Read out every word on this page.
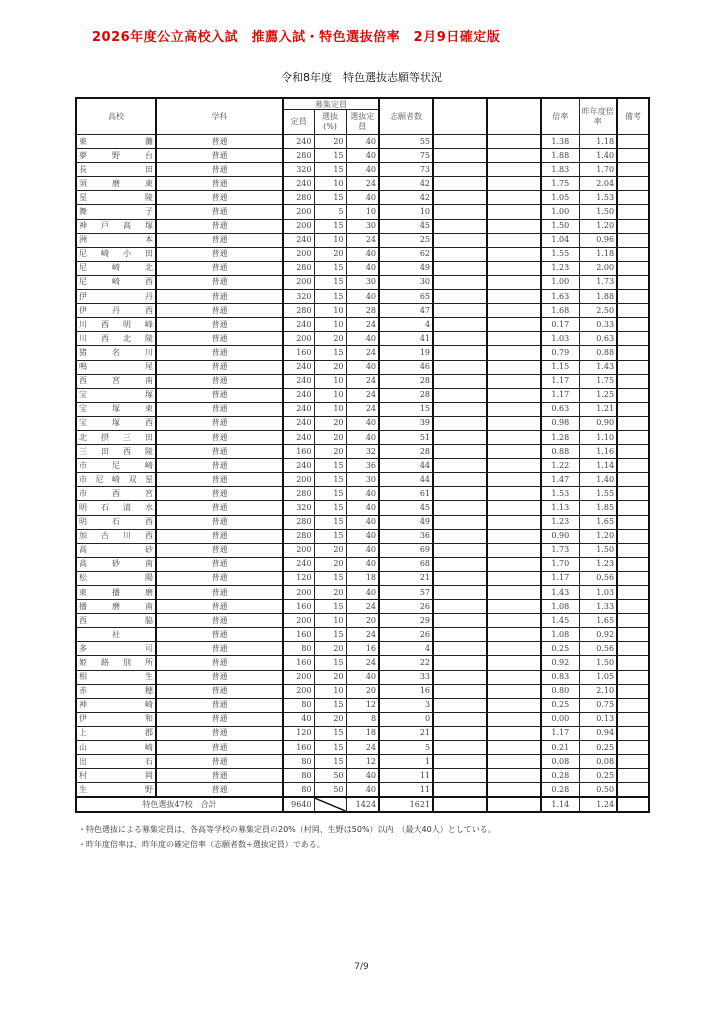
2026年度公立高校入試　推薦入試・特色選抜倍率　2月9日確定版
令和8年度　特色選抜志願等状況
高校	学科	募集定員			志願者数			倍率	昨年度倍率	備考
		定員	選抜(%)	選抜定員						
東灘	普通	240	20	40	55			1.38	1.18	
夢野台	普通	280	15	40	75			1.88	1.40	
長田	普通	320	15	40	73			1.83	1.70	
須磨東	普通	240	10	24	42			1.75	2.04	
星陵	普通	280	15	40	42			1.05	1.53	
舞子	普通	200	5	10	10			1.00	1.50	
神戸高塚	普通	200	15	30	45			1.50	1.20	
洲本	普通	240	10	24	25			1.04	0.96	
尼崎小田	普通	200	20	40	62			1.55	1.18	
尼崎北	普通	280	15	40	49			1.23	2.00	
尼崎西	普通	200	15	30	30			1.00	1.73	
伊丹	普通	320	15	40	65			1.63	1.88	
伊丹西	普通	280	10	28	47			1.68	2.50	
川西明峰	普通	240	10	24	4			0.17	0.33	
川西北陵	普通	200	20	40	41			1.03	0.63	
猪名川	普通	160	15	24	19			0.79	0.88	
鳴尾	普通	240	20	40	46			1.15	1.43	
西宮南	普通	240	10	24	28			1.17	1.75	
宝塚	普通	240	10	24	28			1.17	1.25	
宝塚東	普通	240	10	24	15			0.63	1.21	
宝塚西	普通	240	20	40	39			0.98	0.90	
北摂三田	普通	240	20	40	51			1.28	1.10	
三田西陵	普通	160	20	32	28			0.88	1.16	
市尼崎	普通	240	15	36	44			1.22	1.14	
市尼崎双星	普通	200	15	30	44			1.47	1.40	
市西宮	普通	280	15	40	61			1.53	1.55	
明石清水	普通	320	15	40	45			1.13	1.85	
明石西	普通	280	15	40	49			1.23	1.65	
加古川西	普通	280	15	40	36			0.90	1.20	
高砂	普通	200	20	40	69			1.73	1.50	
高砂南	普通	240	20	40	68			1.70	1.23	
松陽	普通	120	15	18	21			1.17	0.56	
東播磨	普通	200	20	40	57			1.43	1.03	
播磨南	普通	160	15	24	26			1.08	1.33	
西脇	普通	200	10	20	29			1.45	1.65	
社	普通	160	15	24	26			1.08	0.92	
多可	普通	80	20	16	4			0.25	0.56	
姫路別所	普通	160	15	24	22			0.92	1.50	
相生	普通	200	20	40	33			0.83	1.05	
赤穂	普通	200	10	20	16			0.80	2.10	
神崎	普通	80	15	12	3			0.25	0.75	
伊和	普通	40	20	8	0			0.00	0.13	
上郡	普通	120	15	18	21			1.17	0.94	
山崎	普通	160	15	24	5			0.21	0.25	
出石	普通	80	15	12	1			0.08	0.08	
村岡	普通	80	50	40	11			0.28	0.25	
生野	普通	80	50	40	11			0.28	0.50	
特色選抜47校　合計		9640		1424	1621			1.14	1.24	
・特色選抜による募集定員は、各高等学校の募集定員の20%（村岡、生野は50%）以内　（最大40人）としている。
・昨年度倍率は、昨年度の確定倍率（志願者数÷選抜定員）である。
7/9
